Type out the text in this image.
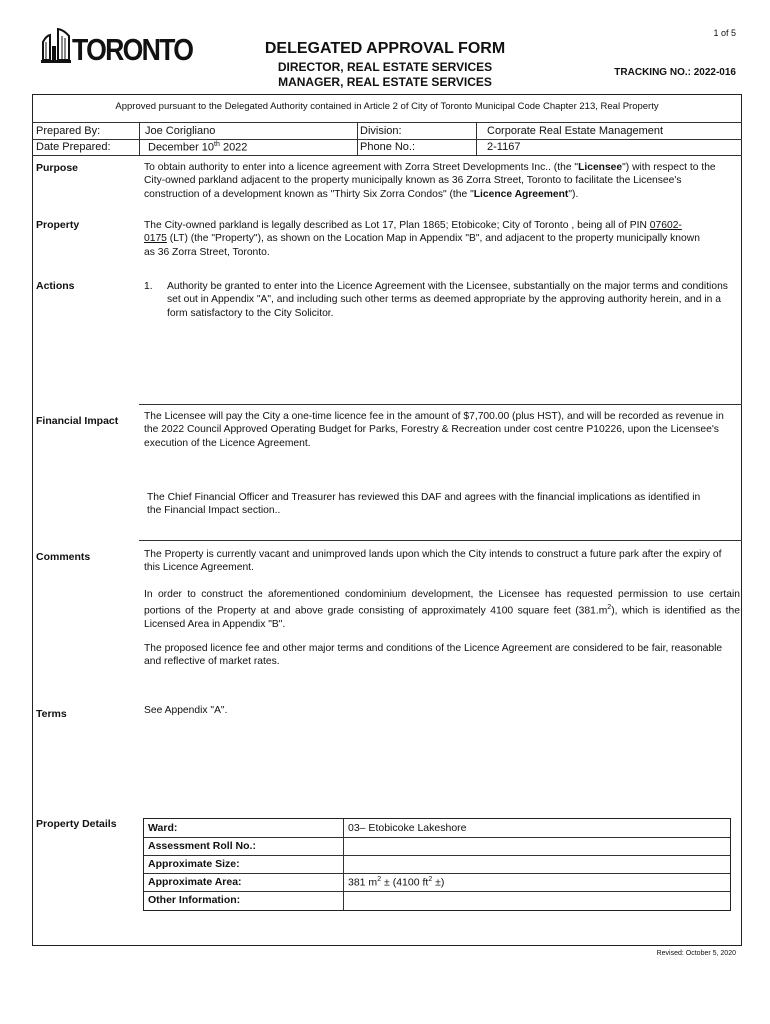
1 of 5
TORONTO	DELEGATED APPROVAL FORM
DIRECTOR, REAL ESTATE SERVICES
MANAGER, REAL ESTATE SERVICES
TRACKING NO.: 2022-016
Approved pursuant to the Delegated Authority contained in Article 2 of City of Toronto Municipal Code Chapter 213, Real Property
Prepared By:	Joe Corigliano	Division:	Corporate Real Estate Management
Date Prepared:	December 10th 2022	Phone No.:	2-1167
Purpose	To obtain authority to enter into a licence agreement with Zorra Street Developments Inc.. (the "Licensee") with respect to the City-owned parkland adjacent to the property municipally known as 36 Zorra Street, Toronto to facilitate the Licensee's construction of a development known as "Thirty Six Zorra Condos" (the "Licence Agreement").
Property	The City-owned parkland is legally described as Lot 17, Plan 1865; Etobicoke; City of Toronto , being all of PIN 07602-0175 (LT) (the "Property"), as shown on the Location Map in Appendix "B", and adjacent to the property municipally known as 36 Zorra Street, Toronto.
Actions	1. Authority be granted to enter into the Licence Agreement with the Licensee, substantially on the major terms and conditions set out in Appendix "A", and including such other terms as deemed appropriate by the approving authority herein, and in a form satisfactory to the City Solicitor.
Financial Impact The Licensee will pay the City a one-time licence fee in the amount of $7,700.00 (plus HST), and will be recorded as revenue in the 2022 Council Approved Operating Budget for Parks, Forestry & Recreation under cost centre P10226, upon the Licensee's execution of the Licence Agreement.
The Chief Financial Officer and Treasurer has reviewed this DAF and agrees with the financial implications as identified in the Financial Impact section..
Comments	The Property is currently vacant and unimproved lands upon which the City intends to construct a future park after the expiry of this Licence Agreement.
In order to construct the aforementioned condominium development, the Licensee has requested permission to use certain portions of the Property at and above grade consisting of approximately 4100 square feet $(381.m^2)$, which is identified as the Licensed Area in Appendix "B".
The proposed licence fee and other major terms and conditions of the Licence Agreement are considered to be fair, reasonable and reflective of market rates.
Terms	See Appendix "A".
Property Details	Ward:	03– Etobicoke Lakeshore
Assessment Roll No.:
Approximate Size:
Approximate Area:	381 $m^2 \pm (4100$ $ft^2$ ±)
Other Information:
Revised: October 5, 2020
